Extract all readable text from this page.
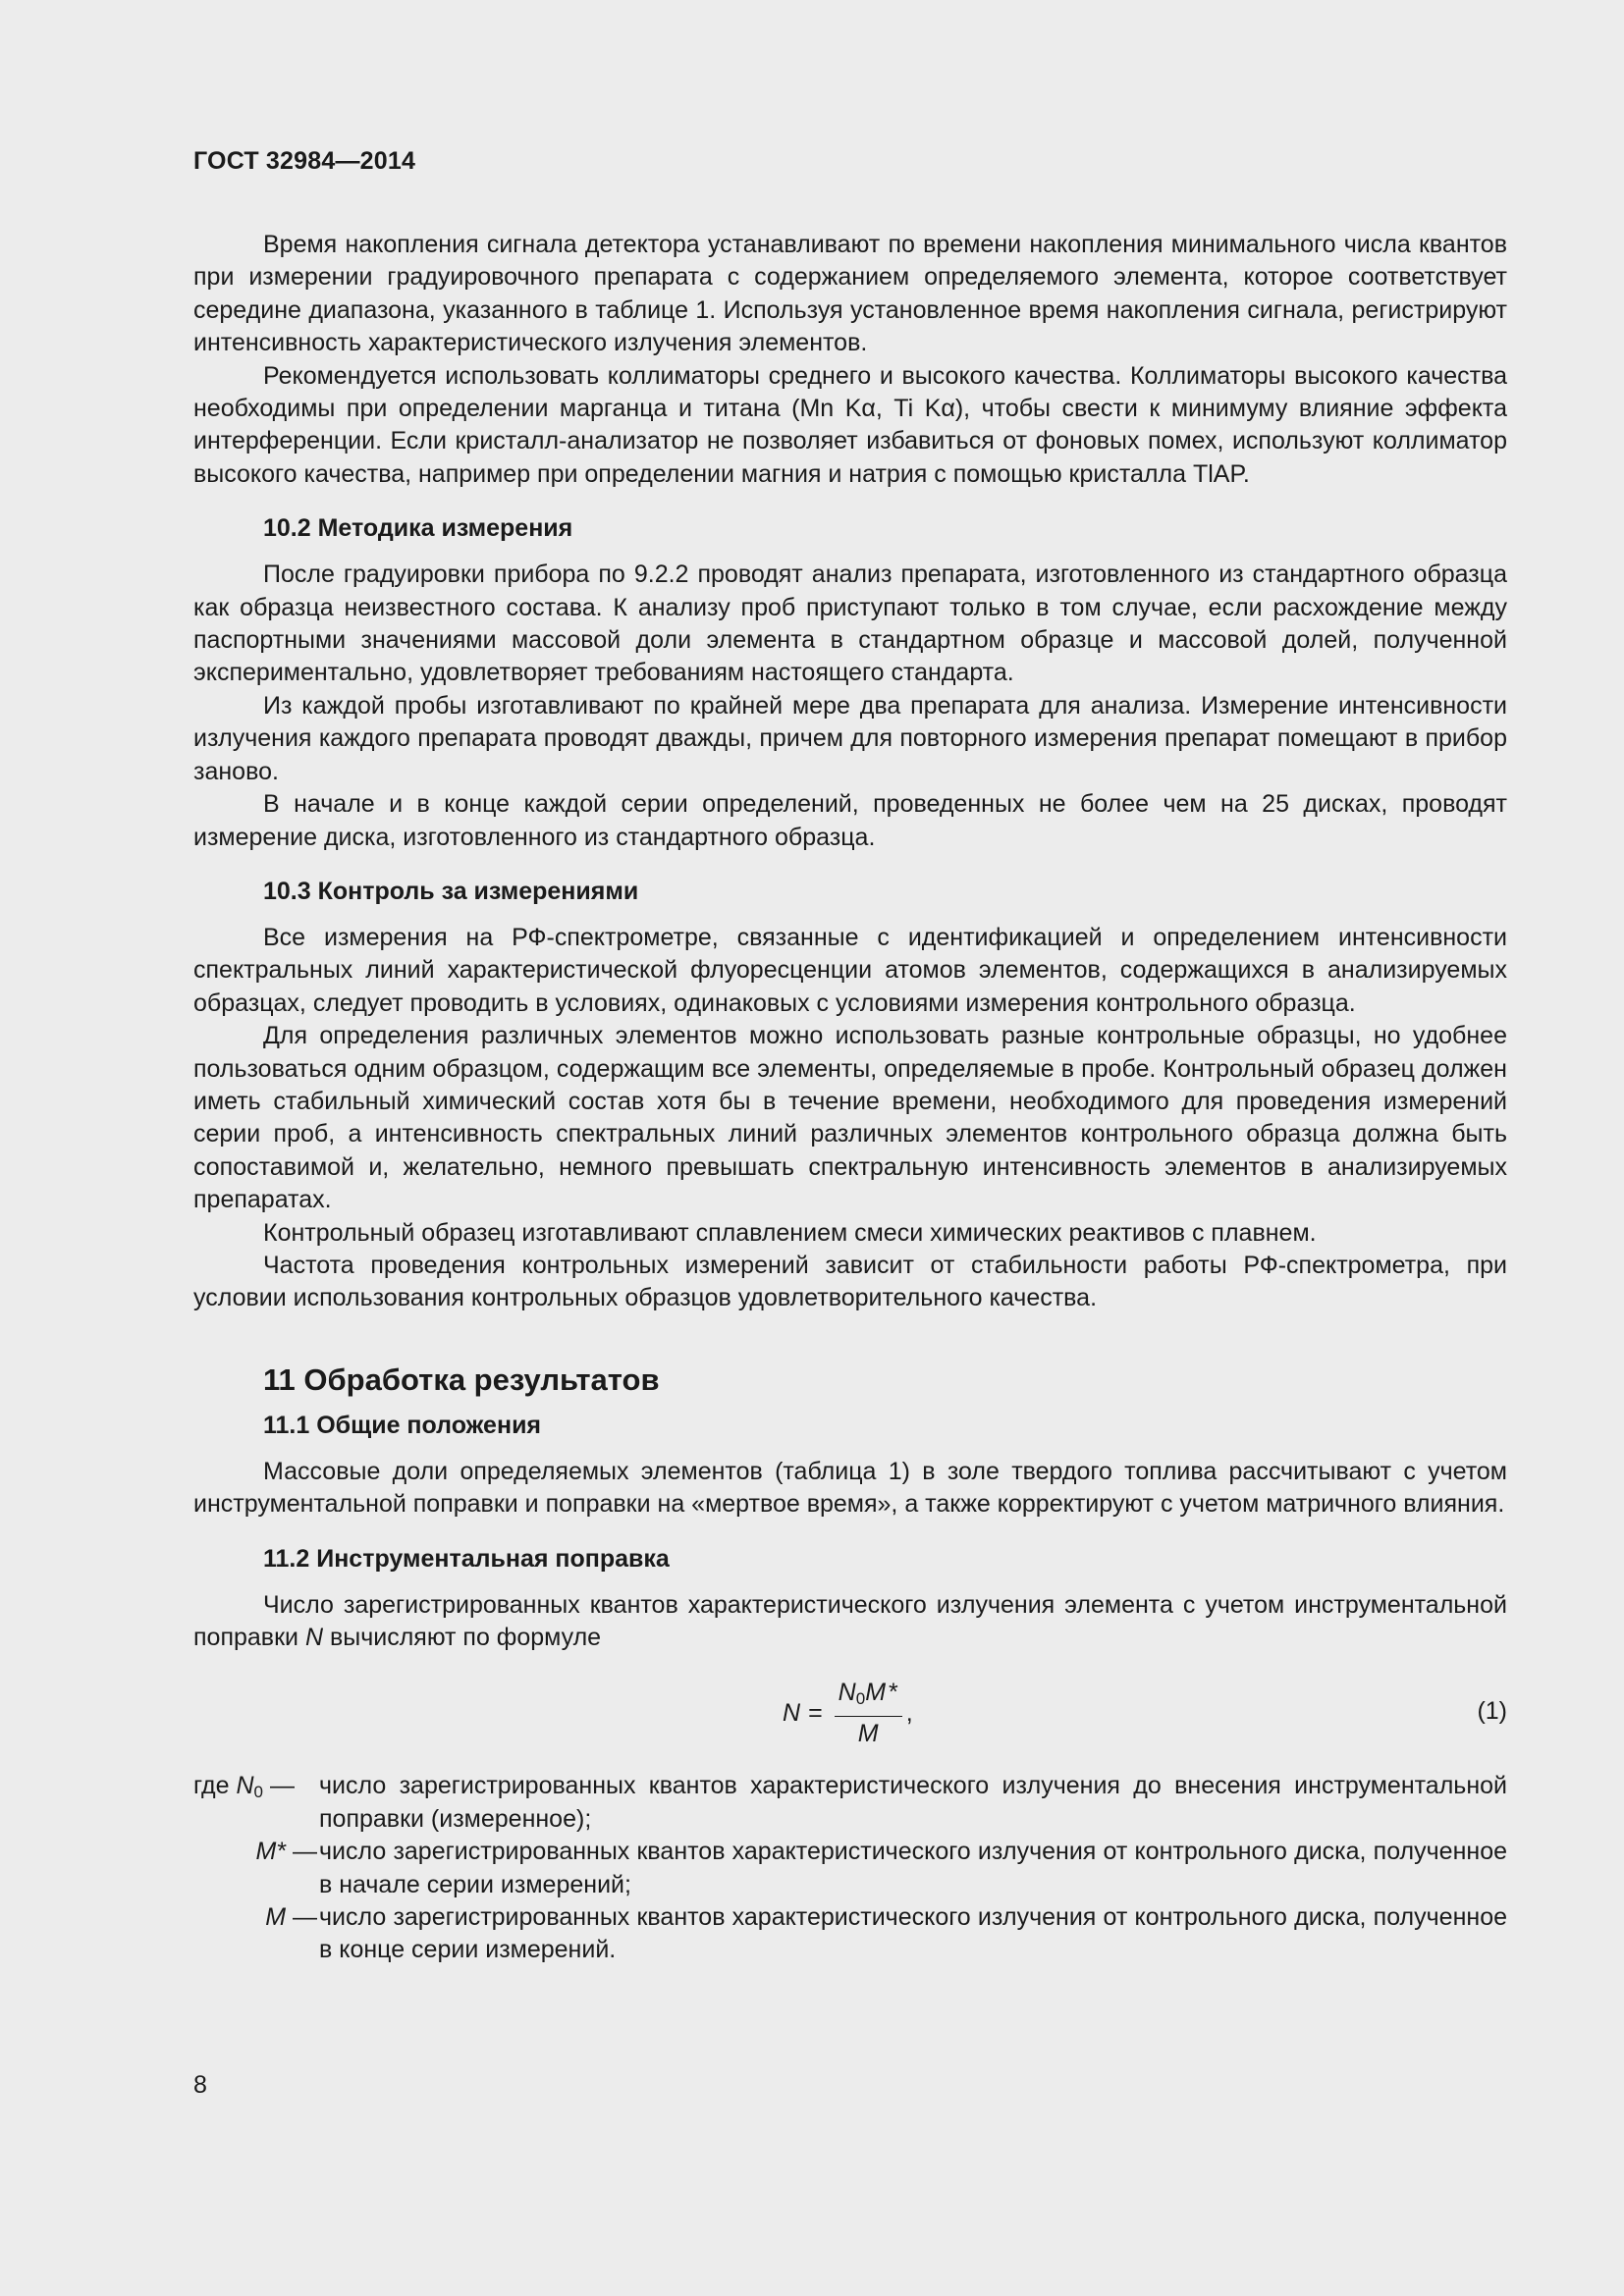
ГОСТ 32984—2014

Время накопления сигнала детектора устанавливают по времени накопления минимального числа квантов при измерении градуировочного препарата с содержанием определяемого элемента, которое соответствует середине диапазона, указанного в таблице 1. Используя установленное время накопления сигнала, регистрируют интенсивность характеристического излучения элементов.

Рекомендуется использовать коллиматоры среднего и высокого качества. Коллиматоры высокого качества необходимы при определении марганца и титана (Mn Kα, Ti Kα), чтобы свести к минимуму влияние эффекта интерференции. Если кристалл-анализатор не позволяет избавиться от фоновых помех, используют коллиматор высокого качества, например при определении магния и натрия с помощью кристалла TlAP.

10.2 Методика измерения

После градуировки прибора по 9.2.2 проводят анализ препарата, изготовленного из стандартного образца как образца неизвестного состава. К анализу проб приступают только в том случае, если расхождение между паспортными значениями массовой доли элемента в стандартном образце и массовой долей, полученной экспериментально, удовлетворяет требованиям настоящего стандарта.

Из каждой пробы изготавливают по крайней мере два препарата для анализа. Измерение интенсивности излучения каждого препарата проводят дважды, причем для повторного измерения препарат помещают в прибор заново.

В начале и в конце каждой серии определений, проведенных не более чем на 25 дисках, проводят измерение диска, изготовленного из стандартного образца.

10.3 Контроль за измерениями

Все измерения на РФ-спектрометре, связанные с идентификацией и определением интенсивности спектральных линий характеристической флуоресценции атомов элементов, содержащихся в анализируемых образцах, следует проводить в условиях, одинаковых с условиями измерения контрольного образца.

Для определения различных элементов можно использовать разные контрольные образцы, но удобнее пользоваться одним образцом, содержащим все элементы, определяемые в пробе. Контрольный образец должен иметь стабильный химический состав хотя бы в течение времени, необходимого для проведения измерений серии проб, а интенсивность спектральных линий различных элементов контрольного образца должна быть сопоставимой и, желательно, немного превышать спектральную интенсивность элементов в анализируемых препаратах.

Контрольный образец изготавливают сплавлением смеси химических реактивов с плавнем.

Частота проведения контрольных измерений зависит от стабильности работы РФ-спектрометра, при условии использования контрольных образцов удовлетворительного качества.

11 Обработка результатов
11.1 Общие положения

Массовые доли определяемых элементов (таблица 1) в золе твердого топлива рассчитывают с учетом инструментальной поправки и поправки на «мертвое время», а также корректируют с учетом матричного влияния.

11.2 Инструментальная поправка

Число зарегистрированных квантов характеристического излучения элемента с учетом инструментальной поправки N вычисляют по формуле

$N = \frac{N_0M *}{M}$ ,	(1)
где $N_0$ —	число зарегистрированных квантов характеристического излучения до внесения инструментальной поправки (измеренное);
M* — число зарегистрированных квантов характеристического излучения от контрольного диска, полученное в начале серии измерений;
M — число зарегистрированных квантов характеристического излучения от контрольного диска, полученное в конце серии измерений.
8
